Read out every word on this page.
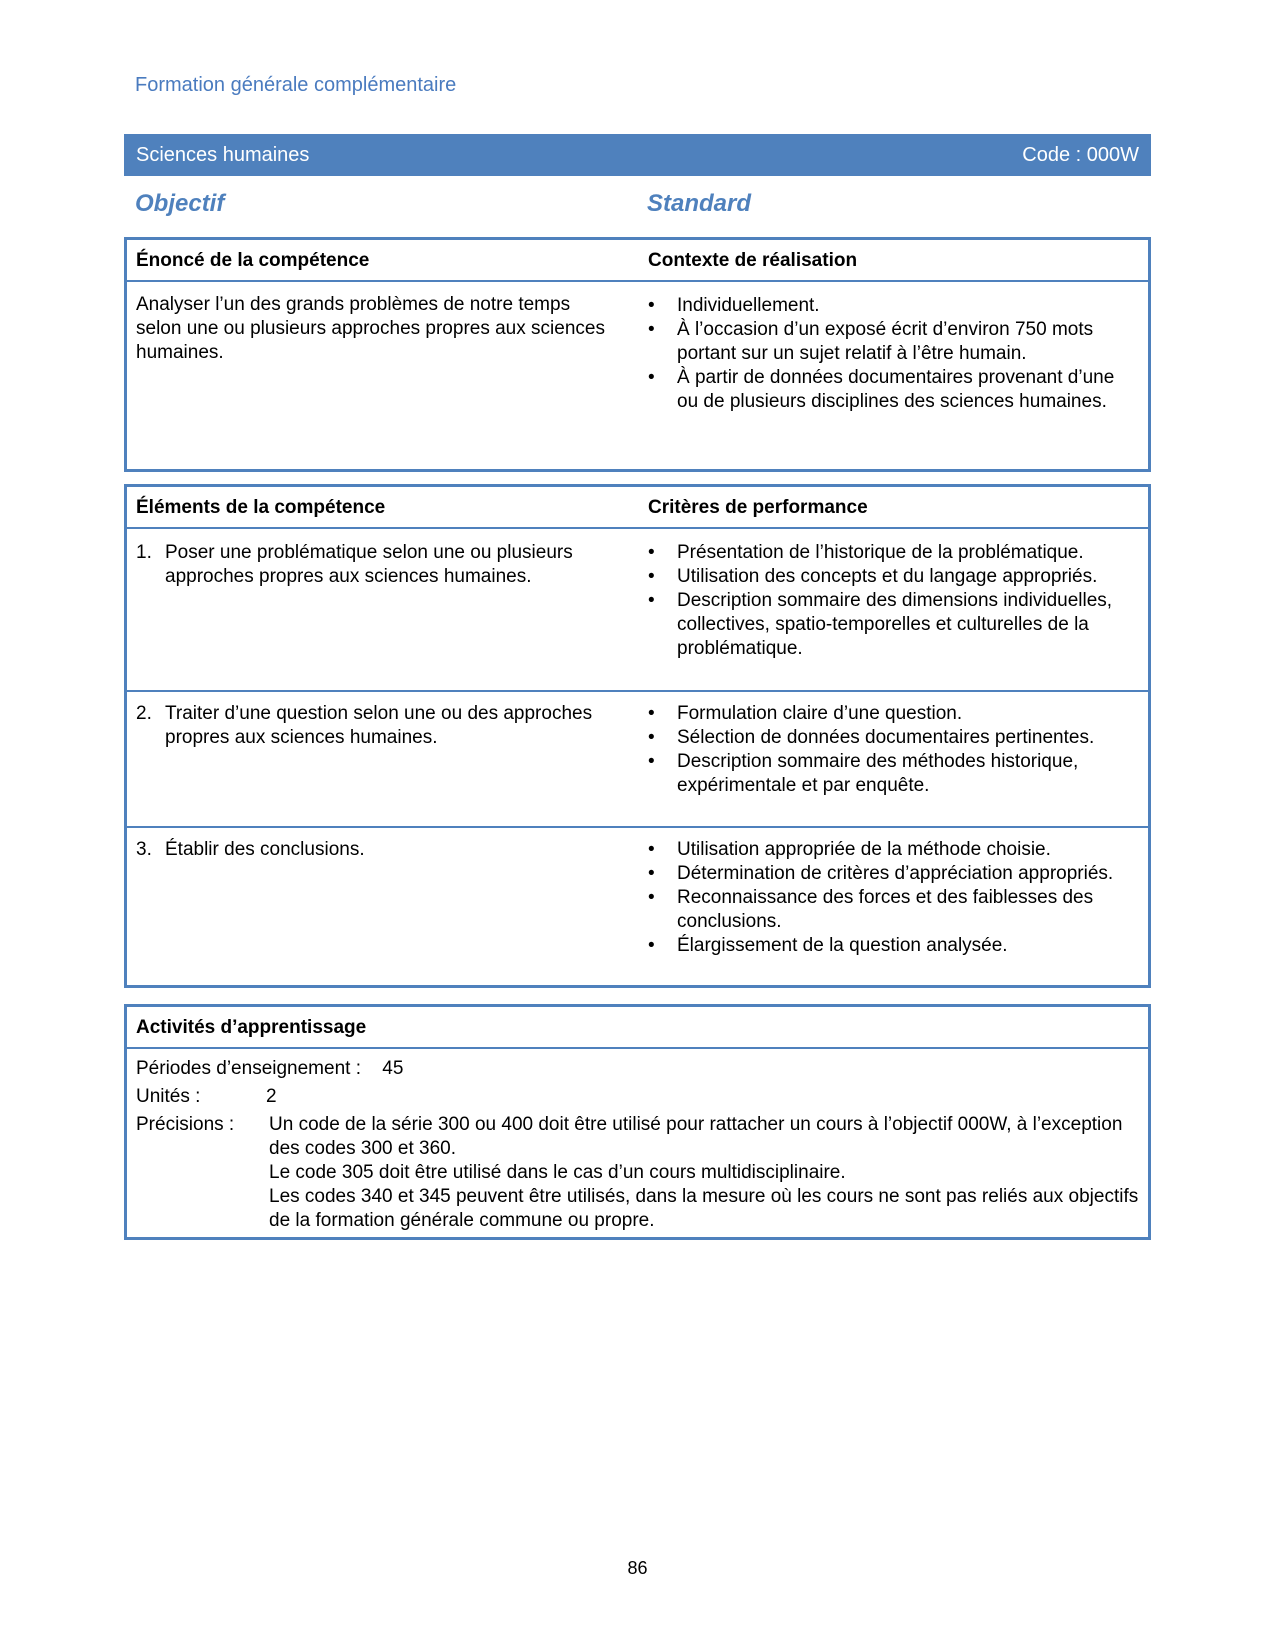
Formation générale complémentaire
Sciences humaines	Code : 000W
Objectif	Standard
Énoncé de la compétence	Contexte de réalisation
Analyser l’un des grands problèmes de notre temps selon une ou plusieurs approches propres aux sciences humaines.
• Individuellement.
• À l’occasion d’un exposé écrit d’environ 750 mots portant sur un sujet relatif à l’être humain.
• À partir de données documentaires provenant d’une ou de plusieurs disciplines des sciences humaines.
Éléments de la compétence	Critères de performance
1. Poser une problématique selon une ou plusieurs approches propres aux sciences humaines.
• Présentation de l’historique de la problématique.
• Utilisation des concepts et du langage appropriés.
• Description sommaire des dimensions individuelles, collectives, spatio-temporelles et culturelles de la problématique.
2. Traiter d’une question selon une ou des approches propres aux sciences humaines.
• Formulation claire d’une question.
• Sélection de données documentaires pertinentes.
• Description sommaire des méthodes historique, expérimentale et par enquête.
3. Établir des conclusions.
•	Utilisation appropriée de la méthode choisie.
• Détermination de critères d’appréciation appropriés.
• Reconnaissance des forces et des faiblesses des conclusions.
• Élargissement de la question analysée.
Activités d’apprentissage
Périodes d’enseignement : 45
Unités :	2
Précisions : Un code de la série 300 ou 400 doit être utilisé pour rattacher un cours à l’objectif 000W, à l’exception des codes 300 et 360.
Le code 305 doit être utilisé dans le cas d’un cours multidisciplinaire.
Les codes 340 et 345 peuvent être utilisés, dans la mesure où les cours ne sont pas reliés aux objectifs de la formation générale commune ou propre.
86
